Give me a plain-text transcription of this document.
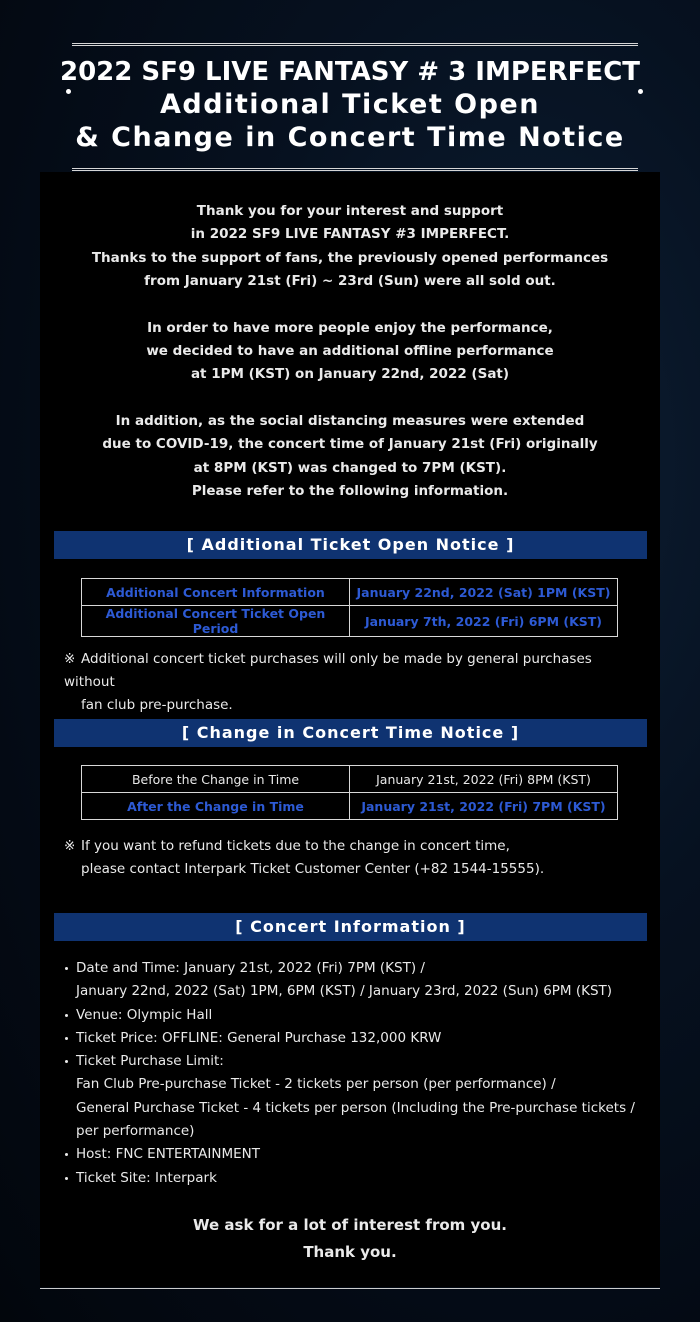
2022 SF9 LIVE FANTASY # 3 IMPERFECT
Additional Ticket Open
& Change in Concert Time Notice

Thank you for your interest and support
in 2022 SF9 LIVE FANTASY #3 IMPERFECT.
Thanks to the support of fans, the previously opened performances
from January 21st (Fri) ~ 23rd (Sun) were all sold out.

In order to have more people enjoy the performance,
we decided to have an additional offline performance
at 1PM (KST) on January 22nd, 2022 (Sat)

In addition, as the social distancing measures were extended
due to COVID-19, the concert time of January 21st (Fri) originally
at 8PM (KST) was changed to 7PM (KST).
Please refer to the following information.

[ Additional Ticket Open Notice ]
Additional Concert Information	January 22nd, 2022 (Sat) 1PM (KST)
Additional Concert Ticket Open Period	January 7th, 2022 (Fri) 6PM (KST)
※ Additional concert ticket purchases will only be made by general purchases without
fan club pre-purchase.
[ Change in Concert Time Notice ]
Before the Change in Time	January 21st, 2022 (Fri) 8PM (KST)
After the Change in Time	January 21st, 2022 (Fri) 7PM (KST)
※ If you want to refund tickets due to the change in concert time,
please contact Interpark Ticket Customer Center (+82 1544-15555).
[ Concert Information ]
Date and Time: January 21st, 2022 (Fri) 7PM (KST) /
January 22nd, 2022 (Sat) 1PM, 6PM (KST) / January 23rd, 2022 (Sun) 6PM (KST)
Venue: Olympic Hall
Ticket Price: OFFLINE: General Purchase 132,000 KRW
Ticket Purchase Limit:
Fan Club Pre-purchase Ticket - 2 tickets per person (per performance) /
General Purchase Ticket - 4 tickets per person (Including the Pre-purchase tickets /
per performance)
Host: FNC ENTERTAINMENT
Ticket Site: Interpark
We ask for a lot of interest from you.
Thank you.
